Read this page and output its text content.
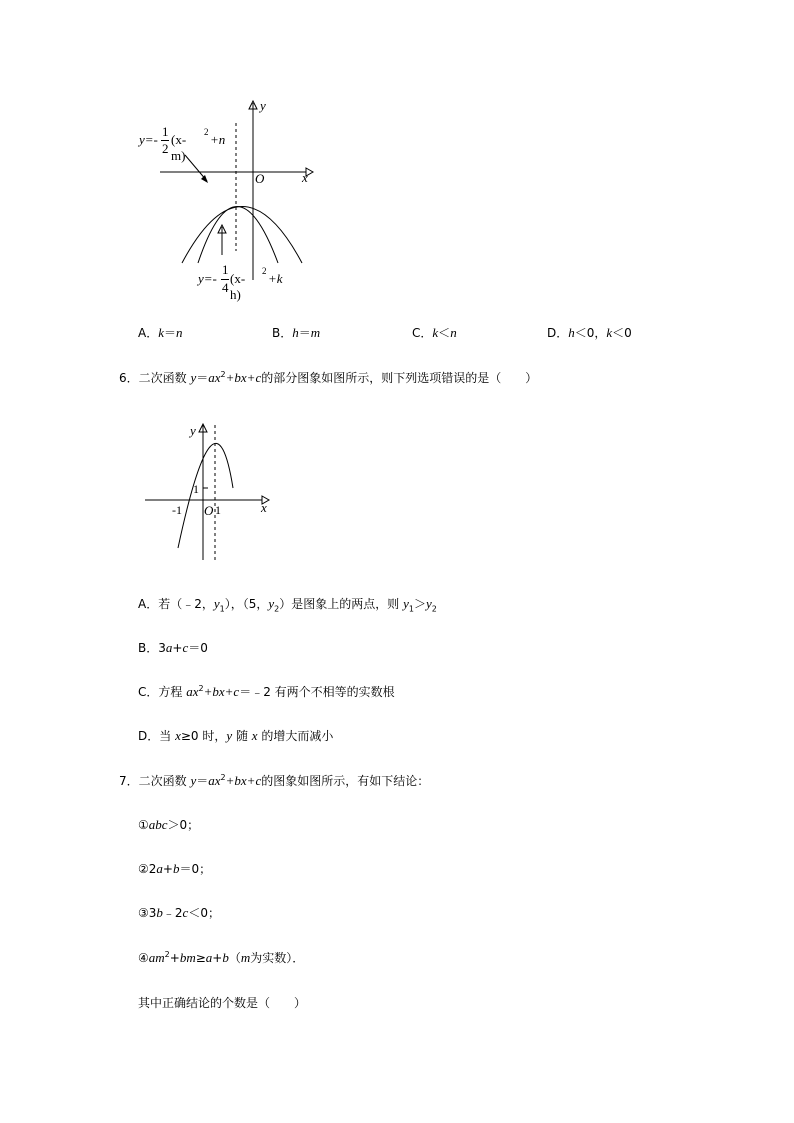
y
x
O
y=-
1
2
(x-m)
2 +n
y=-
1
4
(x-h)
2 +k
A．k＝n	B．h＝m	C．k＜n	D．h＜0，k＜0
6．二次函数 $y=ax^2+bx+c$的部分图象如图所示，则下列选项错误的是（　　）
y
x
1
-1 O 1
A．若（﹣2，$y_1$），（5，$y_2$）是图象上的两点，则 $y_1>y_2$
B．3a+c＝0
C．方程 $ax^2+bx+c=﹣2$ 有两个不相等的实数根
D．当 x≥0 时，y 随 x 的增大而减小
7．二次函数 $y=ax^2+bx+c$的图象如图所示，有如下结论：
①abc＞0；
②2a+b＝0；
③3b﹣2c＜0；
$④am^2+bm\ge a+b(m$为实数）．
其中正确结论的个数是（　　）
